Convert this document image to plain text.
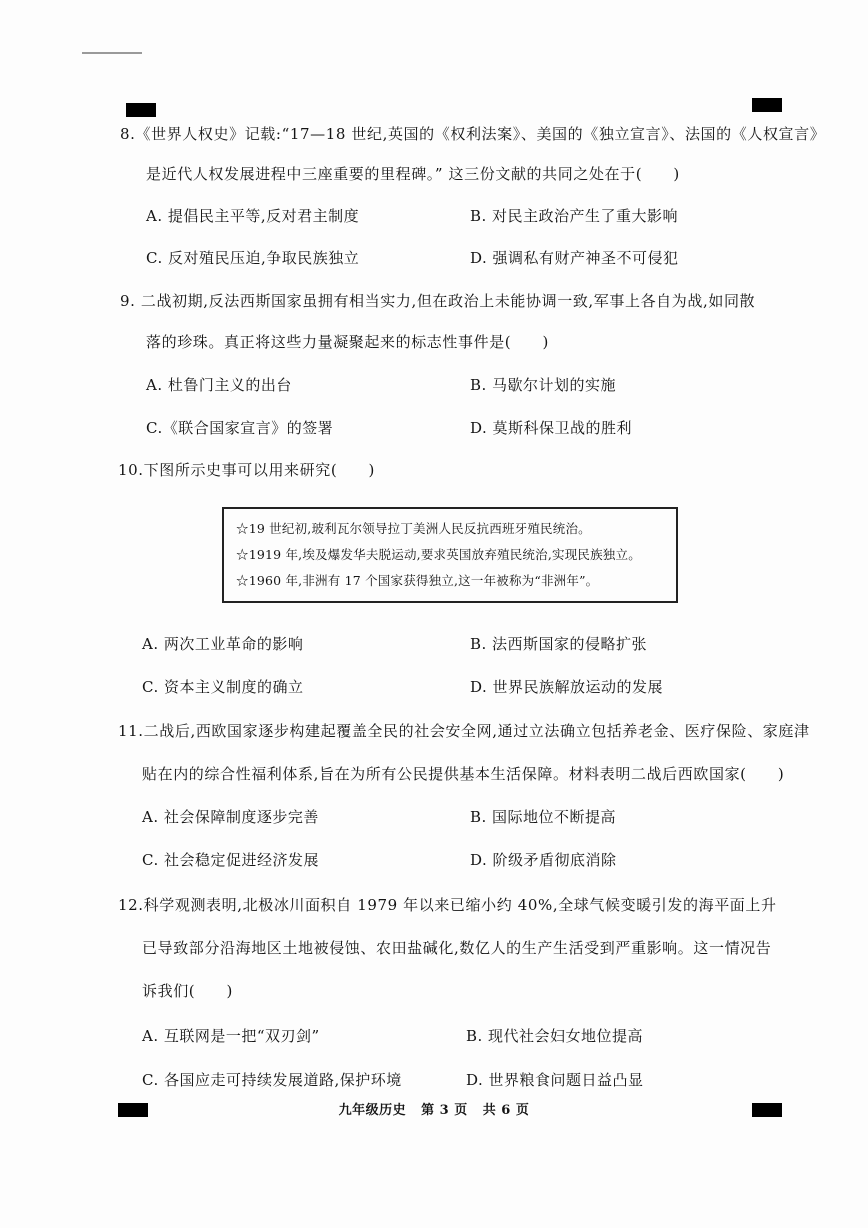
8.《世界人权史》记载:“17—18 世纪,英国的《权利法案》、美国的《独立宣言》、法国的《人权宣言》
是近代人权发展进程中三座重要的里程碑。” 这三份文献的共同之处在于(　　)
A. 提倡民主平等,反对君主制度	B. 对民主政治产生了重大影响
C. 反对殖民压迫,争取民族独立	D. 强调私有财产神圣不可侵犯
9. 二战初期,反法西斯国家虽拥有相当实力,但在政治上未能协调一致,军事上各自为战,如同散
落的珍珠。真正将这些力量凝聚起来的标志性事件是(　　)
A. 杜鲁门主义的出台	B. 马歇尔计划的实施
C.《联合国家宣言》的签署	D. 莫斯科保卫战的胜利
10.下图所示史事可以用来研究(　　)
☆19 世纪初,玻利瓦尔领导拉丁美洲人民反抗西班牙殖民统治。
☆1919 年,埃及爆发华夫脱运动,要求英国放弃殖民统治,实现民族独立。
☆1960 年,非洲有 17 个国家获得独立,这一年被称为“非洲年”。
A. 两次工业革命的影响	B. 法西斯国家的侵略扩张
C. 资本主义制度的确立	D. 世界民族解放运动的发展
11.二战后,西欧国家逐步构建起覆盖全民的社会安全网,通过立法确立包括养老金、医疗保险、家庭津
贴在内的综合性福利体系,旨在为所有公民提供基本生活保障。材料表明二战后西欧国家(　　)
A. 社会保障制度逐步完善	B. 国际地位不断提高
C. 社会稳定促进经济发展	D. 阶级矛盾彻底消除
12.科学观测表明,北极冰川面积自 1979 年以来已缩小约 40%,全球气候变暖引发的海平面上升
已导致部分沿海地区土地被侵蚀、农田盐碱化,数亿人的生产生活受到严重影响。这一情况告
诉我们(　　)
A. 互联网是一把“双刃剑”	B. 现代社会妇女地位提高
C. 各国应走可持续发展道路,保护环境	D. 世界粮食问题日益凸显
九年级历史 第 3 页 共 6 页
